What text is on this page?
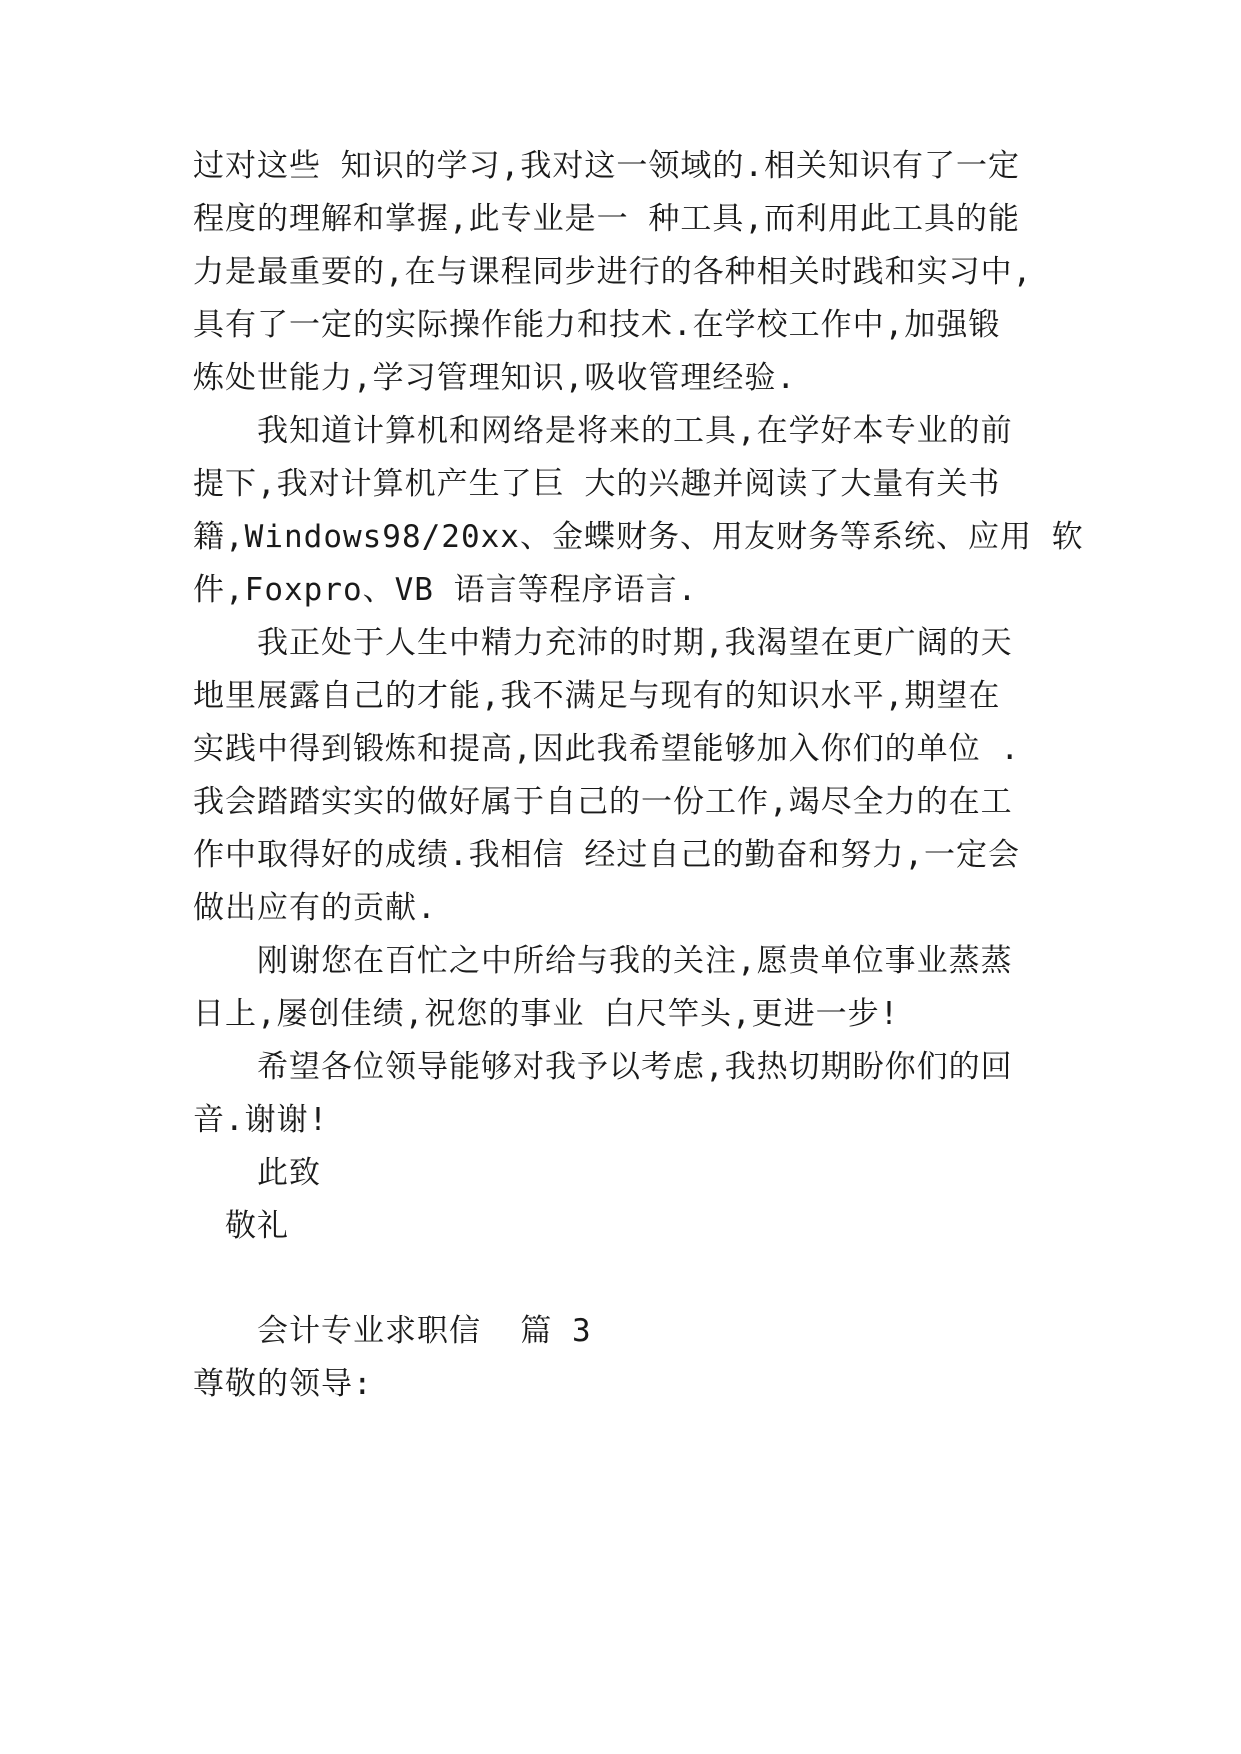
过对这些 知识的学习,我对这一领域的.相关知识有了一定

程度的理解和掌握,此专业是一 种工具,而利用此工具的能

力是最重要的,在与课程同步进行的各种相关时践和实习中,

具有了一定的实际操作能力和技术.在学校工作中,加强锻

炼处世能力,学习管理知识,吸收管理经验.

我知道计算机和网络是将来的工具,在学好本专业的前

提下,我对计算机产生了巨 大的兴趣并阅读了大量有关书

籍,Windows98/20xx、金蝶财务、用友财务等系统、应用 软

件,Foxpro、VB 语言等程序语言.

我正处于人生中精力充沛的时期,我渴望在更广阔的天

地里展露自己的才能,我不满足与现有的知识水平,期望在

实践中得到锻炼和提高,因此我希望能够加入你们的单位 .

我会踏踏实实的做好属于自己的一份工作,竭尽全力的在工

作中取得好的成绩.我相信 经过自己的勤奋和努力,一定会

做出应有的贡献.

刚谢您在百忙之中所给与我的关注,愿贵单位事业蒸蒸

日上,屡创佳绩,祝您的事业 白尺竿头,更进一步!

希望各位领导能够对我予以考虑,我热切期盼你们的回

音.谢谢!

此致

敬礼

会计专业求职信  篇 3

尊敬的领导:
